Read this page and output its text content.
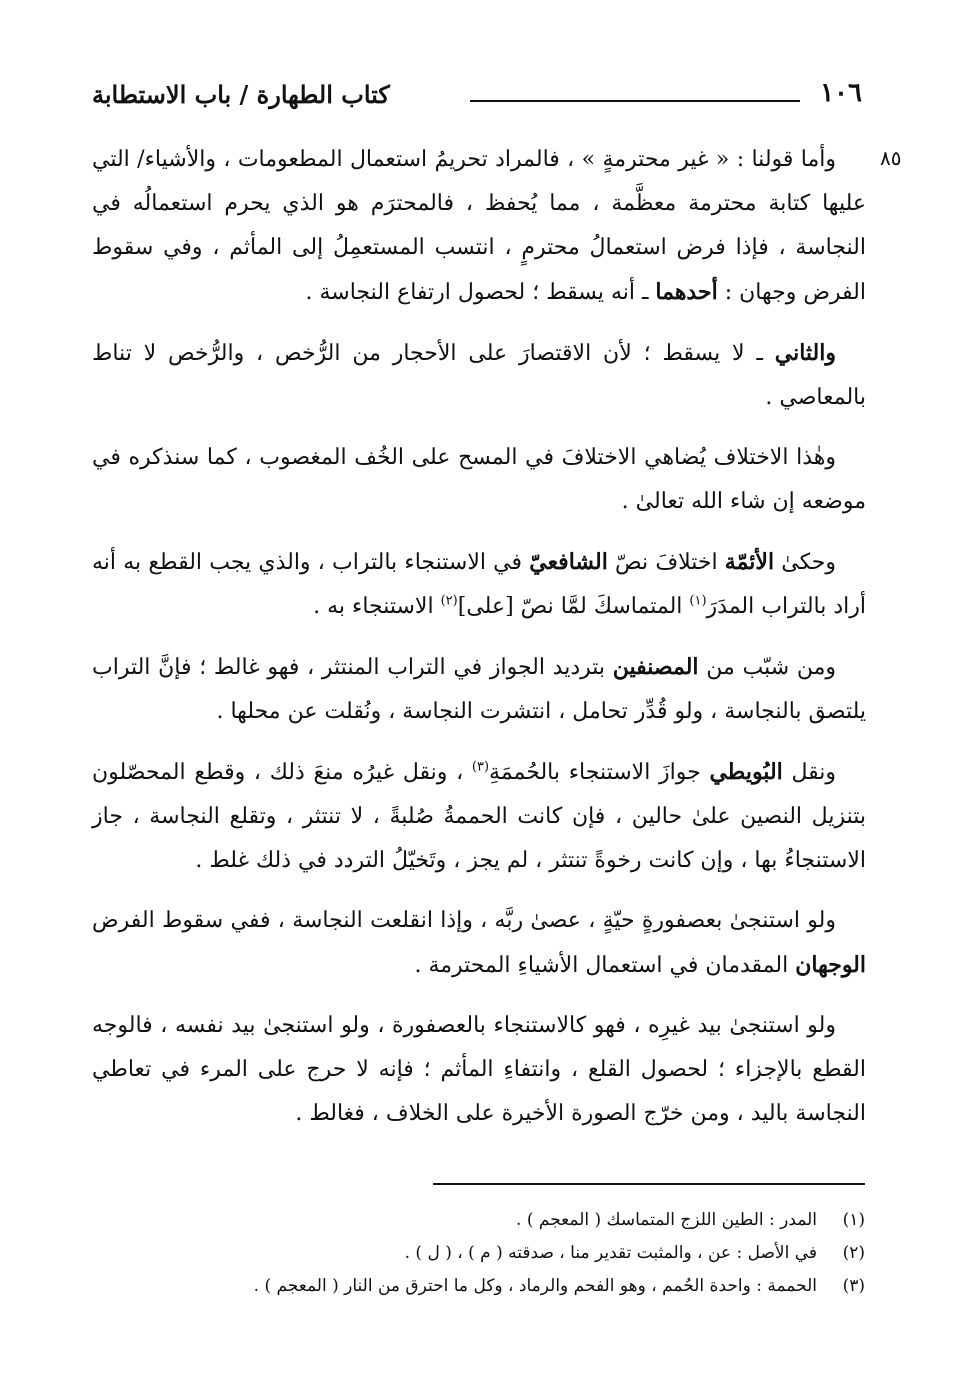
١٠٦
كتاب الطهارة / باب الاستطابة
٨٥

وأما قولنا : « غير محترمةٍ » ، فالمراد تحريمُ استعمال المطعومات ، والأشياء/ التي عليها كتابة محترمة معظَّمة ، مما يُحفظ ، فالمحترَم هو الذي يحرم استعمالُه في النجاسة ، فإذا فرض استعمالُ محترمٍ ، انتسب المستعمِلُ إلى المأثم ، وفي سقوط الفرض وجهان : أحدهما ـ أنه يسقط ؛ لحصول ارتفاع النجاسة .

والثاني ـ لا يسقط ؛ لأن الاقتصارَ على الأحجار من الرُّخص ، والرُّخص لا تناط بالمعاصي .

وهٰذا الاختلاف يُضاهي الاختلافَ في المسح على الخُف المغصوب ، كما سنذكره في موضعه إن شاء الله تعالىٰ .

وحكىٰ الأئمّة اختلافَ نصّ الشافعيّ في الاستنجاء بالتراب ، والذي يجب القطع به أنه أراد بالتراب المدَرَ$^{(١)}$ المتماسكَ لمَّا نصّ [على]$^{(٢)}$ الاستنجاء به .

ومن شبّب من المصنفين بترديد الجواز في التراب المنتثر ، فهو غالط ؛ فإنَّ التراب يلتصق بالنجاسة ، ولو قُدِّر تحامل ، انتشرت النجاسة ، ونُقلت عن محلها .

ونقل البُويطي جوازَ الاستنجاء بالحُممَةِ$^{(٣)}$ ، ونقل غيرُه منعَ ذلك ، وقطع المحصّلون بتنزيل النصين علىٰ حالين ، فإن كانت الحممةُ صُلبةً ، لا تنتثر ، وتقلع النجاسة ، جاز الاستنجاءُ بها ، وإن كانت رخوةً تنتثر ، لم يجز ، وتَخيّلُ التردد في ذلك غلط .

ولو استنجىٰ بعصفورةٍ حيّةٍ ، عصىٰ ربَّه ، وإذا انقلعت النجاسة ، ففي سقوط الفرض الوجهان المقدمان في استعمال الأشياءِ المحترمة .

ولو استنجىٰ بيد غيرِه ، فهو كالاستنجاء بالعصفورة ، ولو استنجىٰ بيد نفسه ، فالوجه القطع بالإجزاء ؛ لحصول القلع ، وانتفاءِ المأثم ؛ فإنه لا حرج على المرء في تعاطي النجاسة باليد ، ومن خرّج الصورة الأخيرة على الخلاف ، فغالط .

(١)المدر : الطين اللزج المتماسك ( المعجم ) .
(٢)في الأصل : عن ، والمثبت تقدير منا ، صدقته ( م ) ، ( ل ) .
(٣)الحممة : واحدة الحُمم ، وهو الفحم والرماد ، وكل ما احترق من النار ( المعجم ) .
